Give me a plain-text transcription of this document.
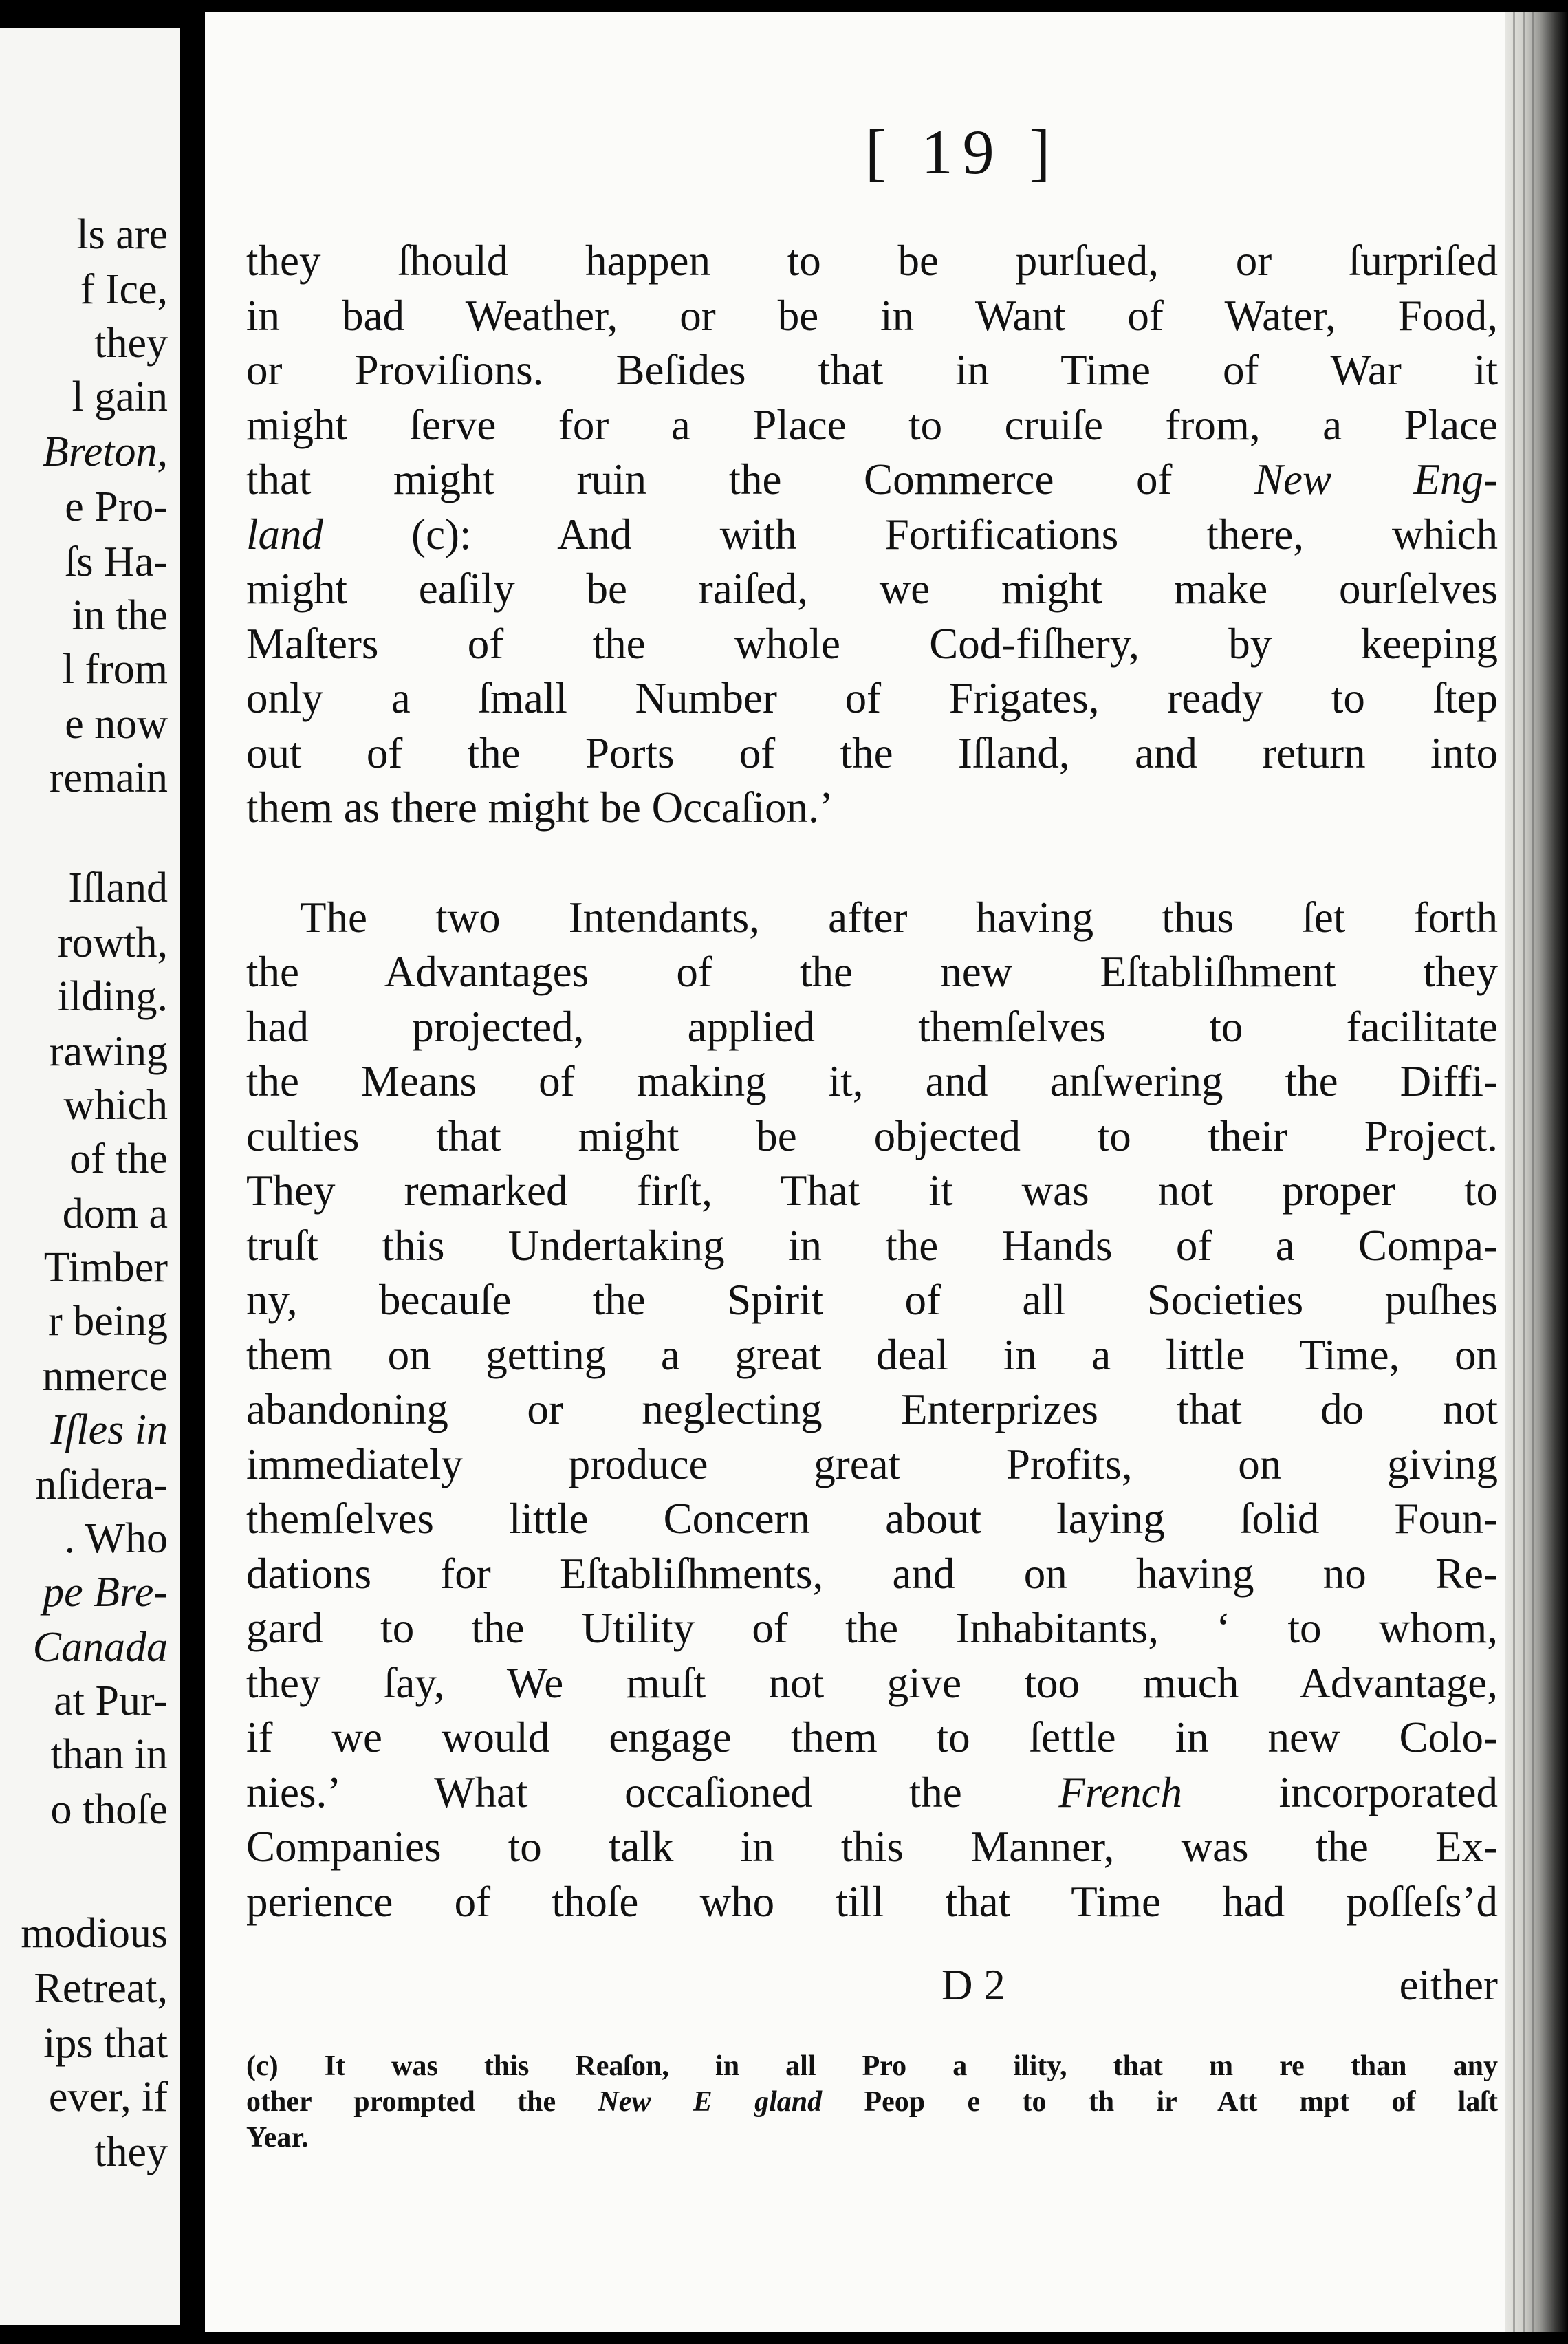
ls are
f Ice,
they
l gain
Breton,
e Pro-
ſs Ha-
in the
l from
e now
remain
Iſland
rowth,
ilding.
rawing
which
of the
dom a
Timber
r being
nmerce
Iſles in
nſidera-
. Who
pe Bre-
Canada
at Pur-
than in
o thoſe
modious
Retreat,
ips that
ever, if
they
[ 19 ]
they ſhould happen to be purſued, or ſurpriſed
in bad Weather, or be in Want of Water, Food,
or Proviſions. Beſides that in Time of War it
might ſerve for a Place to cruiſe from, a Place
that might ruin the Commerce of New Eng-
land (c): And with Fortifications there, which
might eaſily be raiſed, we might make ourſelves
Maſters of the whole Cod-fiſhery, by keeping
only a ſmall Number of Frigates, ready to ſtep
out of the Ports of the Iſland, and return into
them as there might be Occaſion.’
The two Intendants, after having thus ſet forth
the Advantages of the new Eſtabliſhment they
had projected, applied themſelves to facilitate
the Means of making it, and anſwering the Diffi-
culties that might be objected to their Project.
They remarked firſt, That it was not proper to
truſt this Undertaking in the Hands of a Compa-
ny, becauſe the Spirit of all Societies puſhes
them on getting a great deal in a little Time, on
abandoning or neglecting Enterprizes that do not
immediately produce great Profits, on giving
themſelves little Concern about laying ſolid Foun-
dations for Eſtabliſhments, and on having no Re-
gard to the Utility of the Inhabitants, ‘ to whom,
they ſay, We muſt not give too much Advantage,
if we would engage them to ſettle in new Colo-
nies.’ What occaſioned the French incorporated
Companies to talk in this Manner, was the Ex-
perience of thoſe who till that Time had poſſeſs’d
D 2	either
(c) It was this Reaſon, in all Pro a ility, that m re than any
other prompted the New E gland Peop e to th ir Att mpt of laſt
Year.
